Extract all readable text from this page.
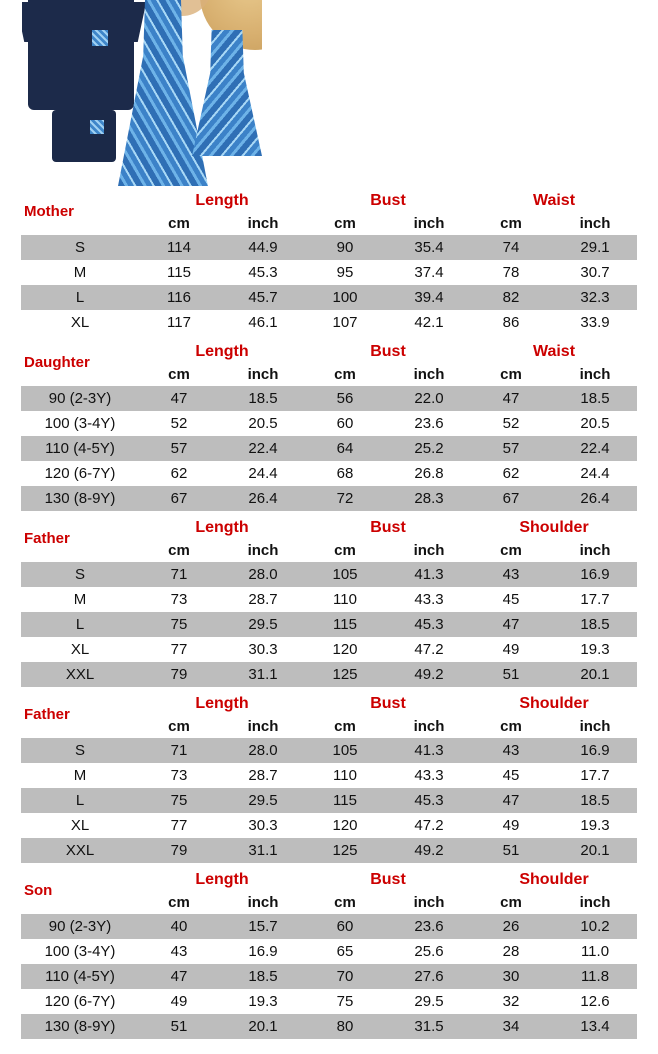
Mother
Length	Bust	Waist
cm	inch	cm	inch	cm	inch
S	114	44.9	90	35.4	74	29.1
M	115	45.3	95	37.4	78	30.7
L	116	45.7	100	39.4	82	32.3
XL	117	46.1	107	42.1	86	33.9
Daughter
Length	Bust	Waist
cm	inch	cm	inch	cm	inch
90 (2-3Y)	47	18.5	56	22.0	47	18.5
100 (3-4Y)	52	20.5	60	23.6	52	20.5
110 (4-5Y)	57	22.4	64	25.2	57	22.4
120 (6-7Y)	62	24.4	68	26.8	62	24.4
130 (8-9Y)	67	26.4	72	28.3	67	26.4
Father
Length	Bust	Shoulder
cm	inch	cm	inch	cm	inch
S	71	28.0	105	41.3	43	16.9
M	73	28.7	110	43.3	45	17.7
L	75	29.5	115	45.3	47	18.5
XL	77	30.3	120	47.2	49	19.3
XXL	79	31.1	125	49.2	51	20.1
Father
Length	Bust	Shoulder
cm	inch	cm	inch	cm	inch
S	71	28.0	105	41.3	43	16.9
M	73	28.7	110	43.3	45	17.7
L	75	29.5	115	45.3	47	18.5
XL	77	30.3	120	47.2	49	19.3
XXL	79	31.1	125	49.2	51	20.1
Son
Length	Bust	Shoulder
cm	inch	cm	inch	cm	inch
90 (2-3Y)	40	15.7	60	23.6	26	10.2
100 (3-4Y)	43	16.9	65	25.6	28	11.0
110 (4-5Y)	47	18.5	70	27.6	30	11.8
120 (6-7Y)	49	19.3	75	29.5	32	12.6
130 (8-9Y)	51	20.1	80	31.5	34	13.4
